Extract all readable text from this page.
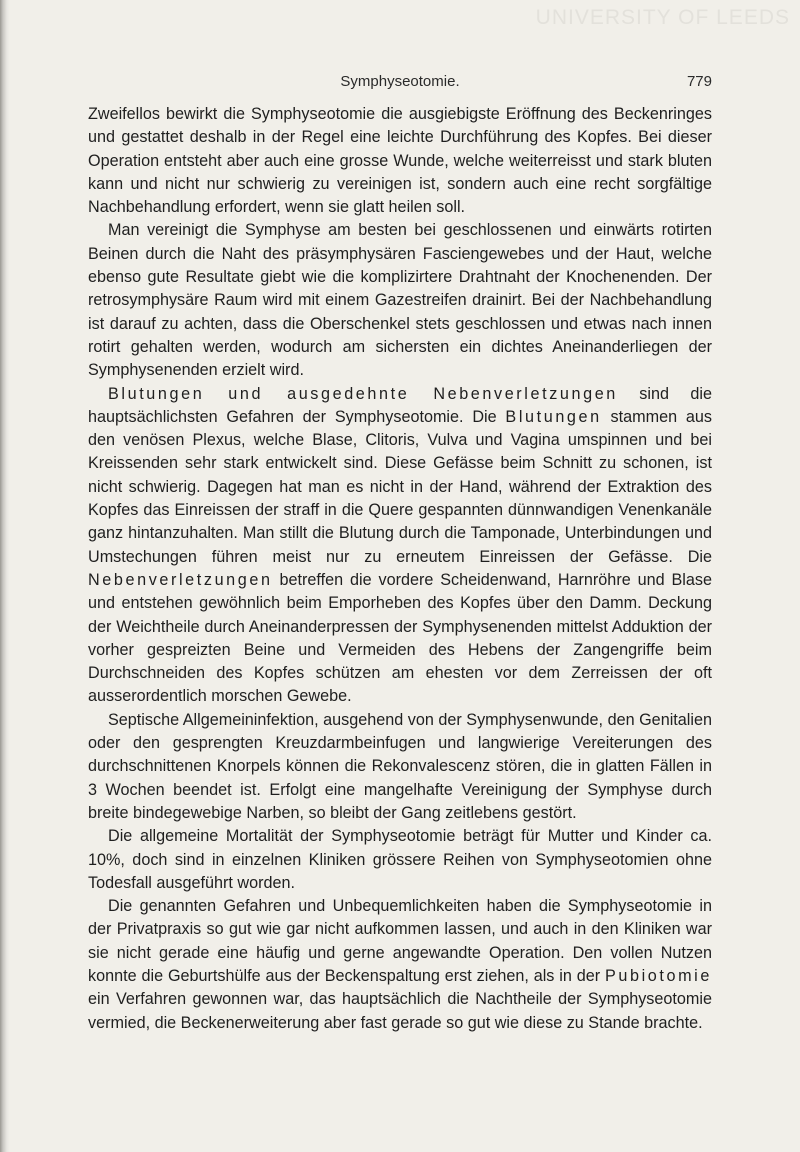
UNIVERSITY OF LEEDS
Symphyseotomie.	779

Zweifellos bewirkt die Symphyseotomie die ausgiebigste Eröffnung des Beckenringes und gestattet deshalb in der Regel eine leichte Durchführung des Kopfes. Bei dieser Operation entsteht aber auch eine grosse Wunde, welche weiterreisst und stark bluten kann und nicht nur schwierig zu vereinigen ist, sondern auch eine recht sorgfältige Nachbehandlung erfordert, wenn sie glatt heilen soll.

Man vereinigt die Symphyse am besten bei geschlossenen und einwärts rotirten Beinen durch die Naht des präsymphysären Fasciengewebes und der Haut, welche ebenso gute Resultate giebt wie die komplizirtere Drahtnaht der Knochenenden. Der retrosymphysäre Raum wird mit einem Gazestreifen drainirt. Bei der Nachbehandlung ist darauf zu achten, dass die Oberschenkel stets geschlossen und etwas nach innen rotirt gehalten werden, wodurch am sichersten ein dichtes Aneinanderliegen der Symphysenenden erzielt wird.

Blutungen und ausgedehnte Nebenverletzungen sind die hauptsächlichsten Gefahren der Symphyseotomie. Die Blutungen stammen aus den venösen Plexus, welche Blase, Clitoris, Vulva und Vagina umspinnen und bei Kreissenden sehr stark entwickelt sind. Diese Gefässe beim Schnitt zu schonen, ist nicht schwierig. Dagegen hat man es nicht in der Hand, während der Extraktion des Kopfes das Einreissen der straff in die Quere gespannten dünnwandigen Venenkanäle ganz hintanzuhalten. Man stillt die Blutung durch die Tamponade, Unterbindungen und Umstechungen führen meist nur zu erneutem Einreissen der Gefässe. Die Nebenverletzungen betreffen die vordere Scheidenwand, Harnröhre und Blase und entstehen gewöhnlich beim Emporheben des Kopfes über den Damm. Deckung der Weichtheile durch Aneinanderpressen der Symphysenenden mittelst Adduktion der vorher gespreizten Beine und Vermeiden des Hebens der Zangengriffe beim Durchschneiden des Kopfes schützen am ehesten vor dem Zerreissen der oft ausserordentlich morschen Gewebe.

Septische Allgemeininfektion, ausgehend von der Symphysenwunde, den Genitalien oder den gesprengten Kreuzdarmbeinfugen und langwierige Vereiterungen des durchschnittenen Knorpels können die Rekonvalescenz stören, die in glatten Fällen in 3 Wochen beendet ist. Erfolgt eine mangelhafte Vereinigung der Symphyse durch breite bindegewebige Narben, so bleibt der Gang zeitlebens gestört.

Die allgemeine Mortalität der Symphyseotomie beträgt für Mutter und Kinder ca. 10%, doch sind in einzelnen Kliniken grössere Reihen von Symphyseotomien ohne Todesfall ausgeführt worden.

Die genannten Gefahren und Unbequemlichkeiten haben die Symphyseotomie in der Privatpraxis so gut wie gar nicht aufkommen lassen, und auch in den Kliniken war sie nicht gerade eine häufig und gerne angewandte Operation. Den vollen Nutzen konnte die Geburtshülfe aus der Beckenspaltung erst ziehen, als in der Pubiotomie ein Verfahren gewonnen war, das hauptsächlich die Nachtheile der Symphyseotomie vermied, die Beckenerweiterung aber fast gerade so gut wie diese zu Stande brachte.
